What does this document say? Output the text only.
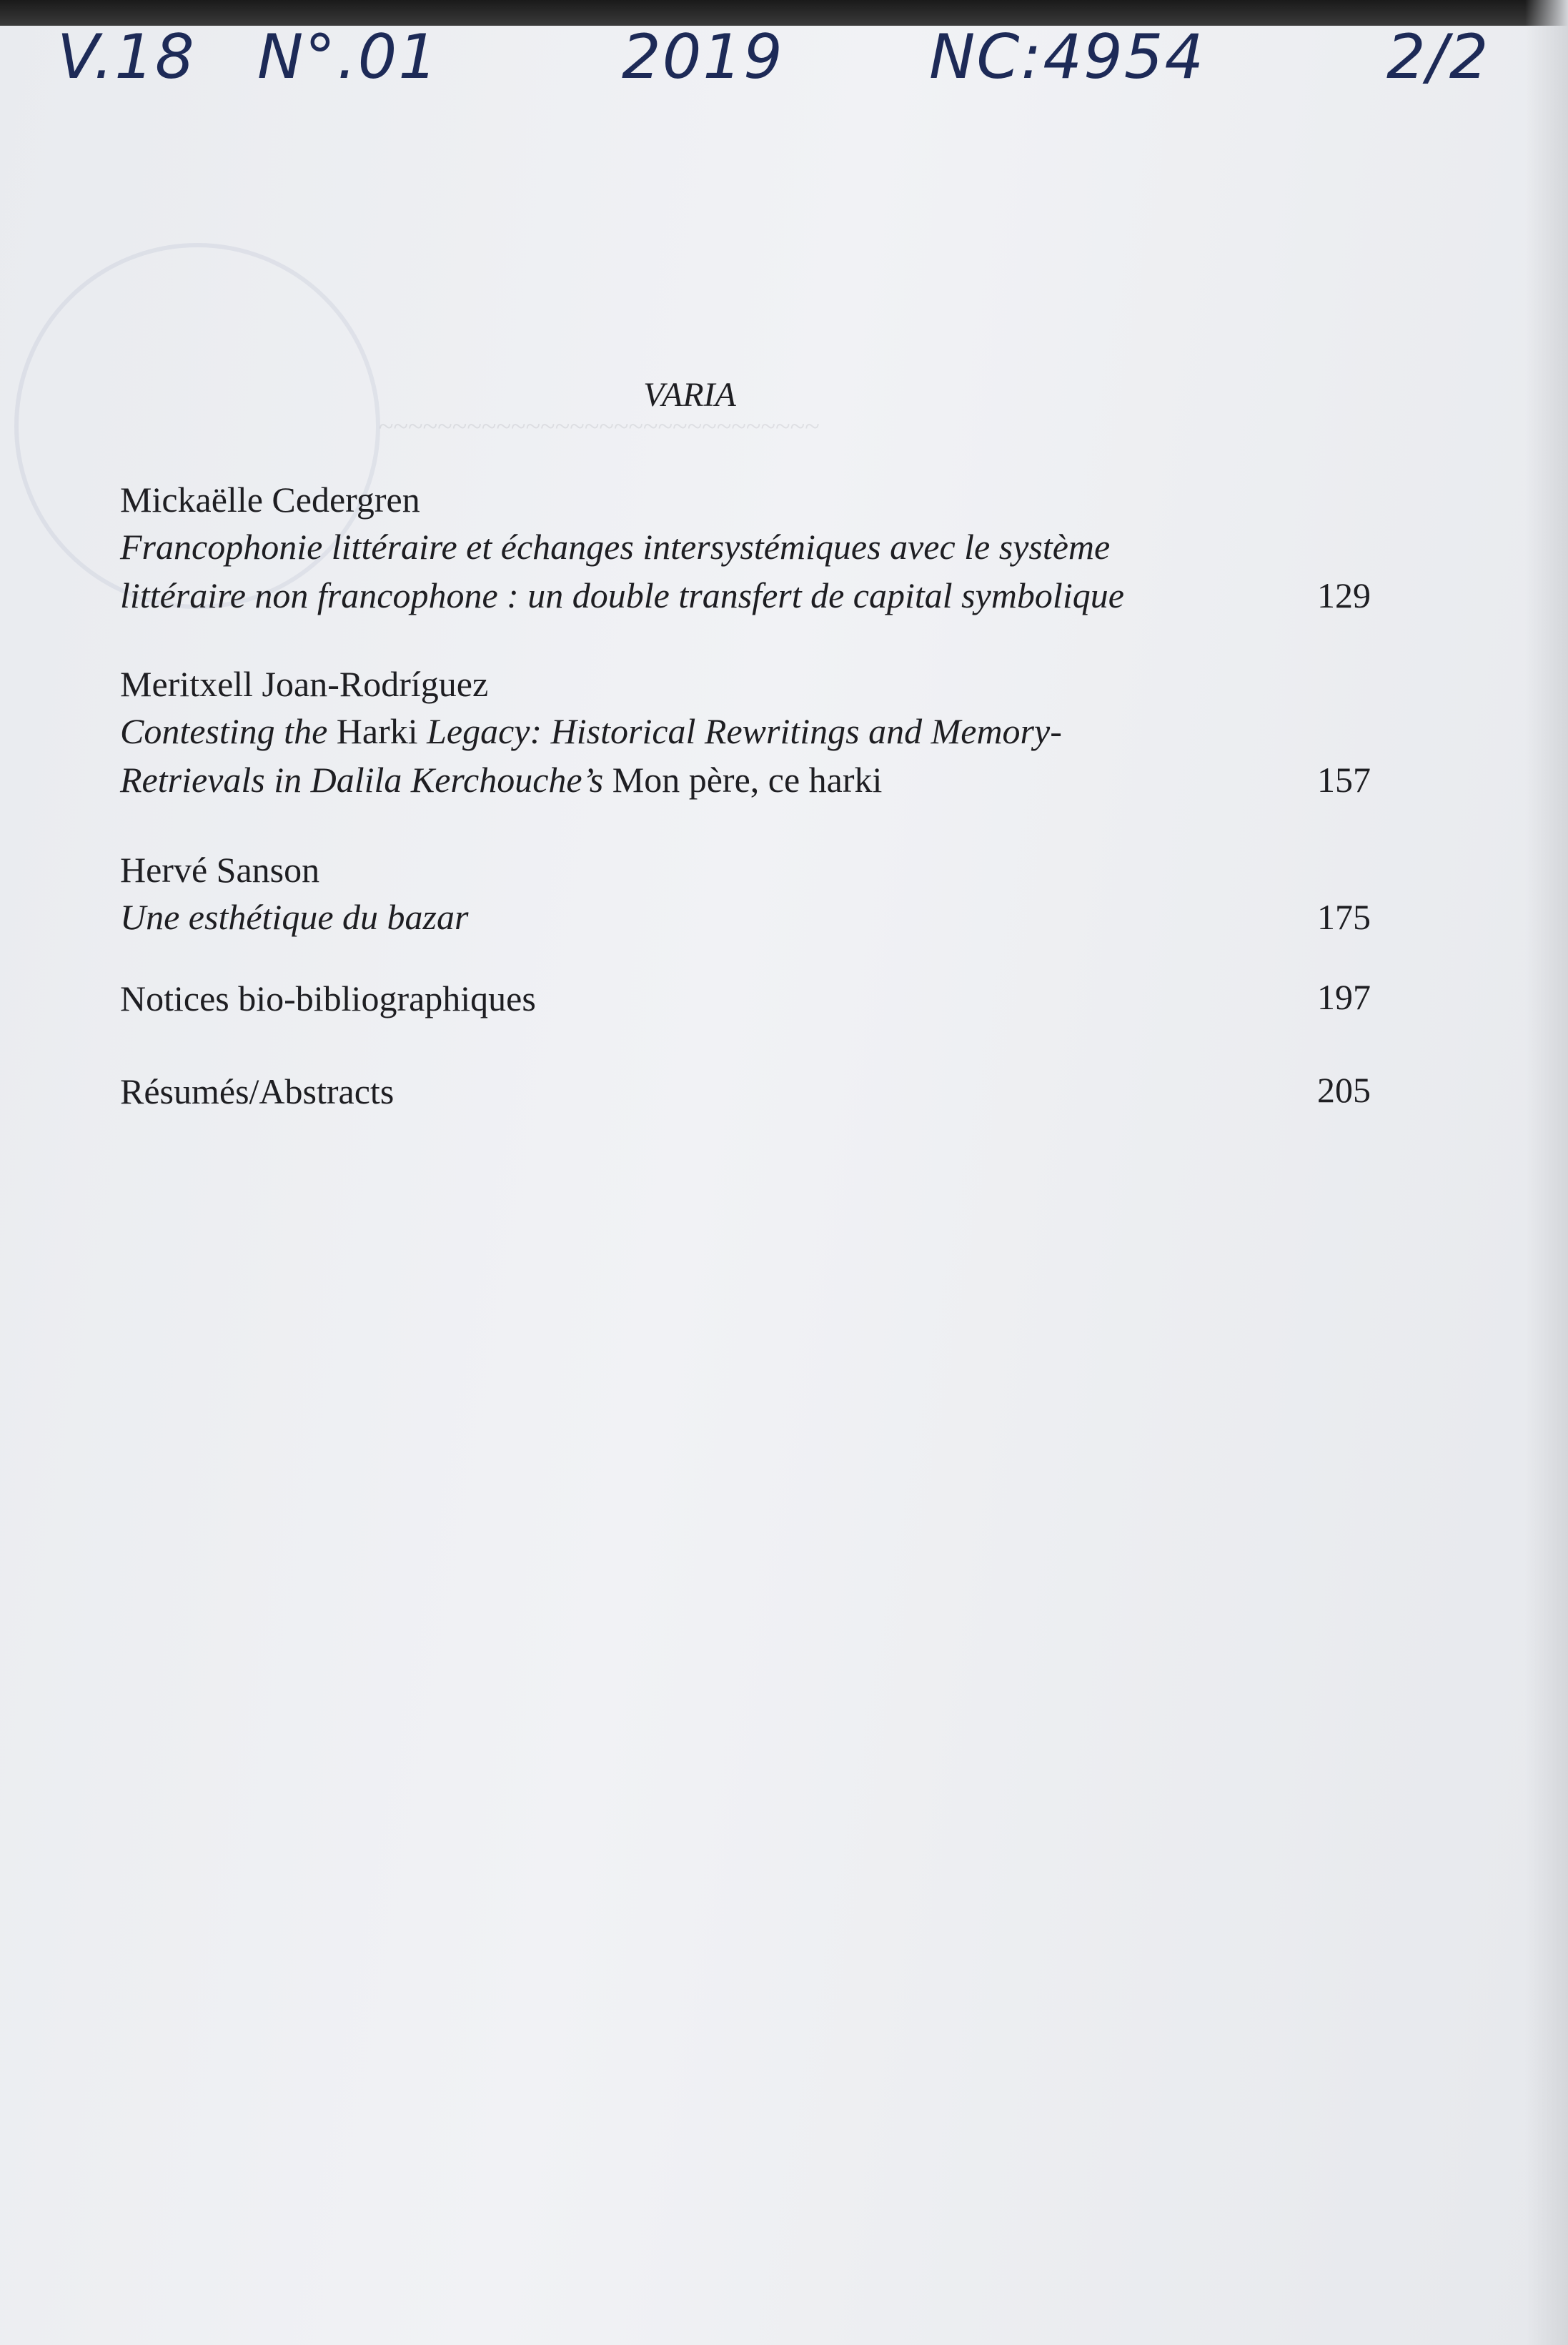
~~~~~~~~~~~~~~~~~~~~~~~~~~~~~~
V.18 N°.01	2019 NC:4954	2/2
VARIA
Mickaëlle Cedergren
Francophonie littéraire et échanges intersystémiques avec le système
littéraire non francophone : un double transfert de capital symbolique	129
Meritxell Joan-Rodríguez
Contesting the Harki Legacy: Historical Rewritings and Memory-
Retrievals in Dalila Kerchouche’s Mon père, ce harki	157
Hervé Sanson
Une esthétique du bazar	175
Notices bio-bibliographiques	197
Résumés/Abstracts	205
